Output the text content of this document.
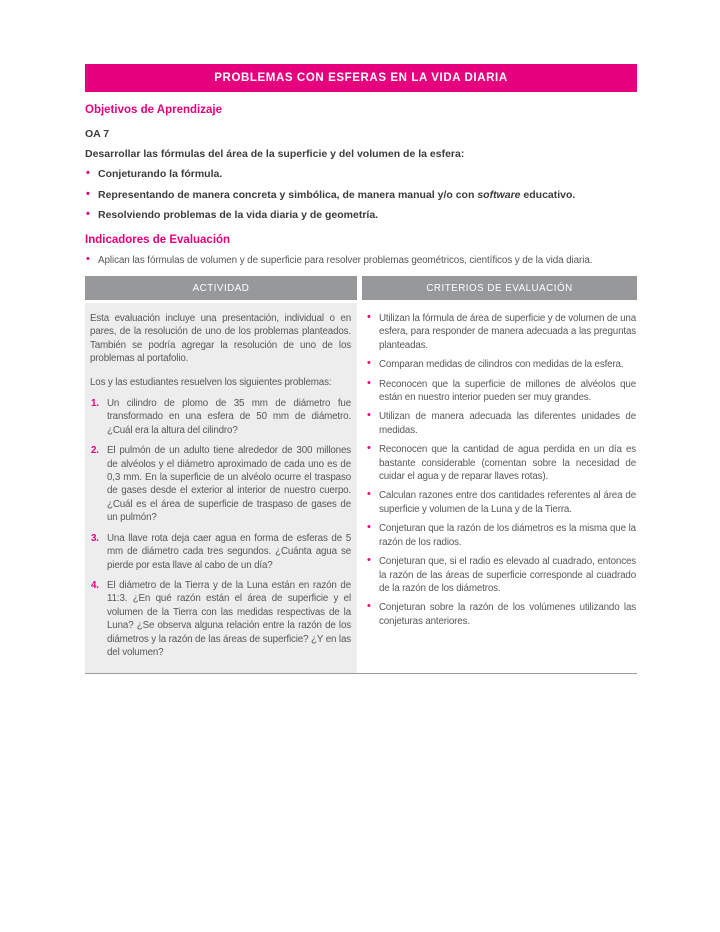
PROBLEMAS CON ESFERAS EN LA VIDA DIARIA
Objetivos de Aprendizaje
OA 7
Desarrollar las fórmulas del área de la superficie y del volumen de la esfera:
• Conjeturando la fórmula.
• Representando de manera concreta y simbólica, de manera manual y/o con software educativo.
• Resolviendo problemas de la vida diaria y de geometría.
Indicadores de Evaluación
• Aplican las fórmulas de volumen y de superficie para resolver problemas geométricos, científicos y de la vida diaria.
ACTIVIDAD	CRITERIOS DE EVALUACIÓN

Esta evaluación incluye una presentación, individual o en pares, de la resolución de uno de los problemas planteados. También se podría agregar la resolución de uno de los problemas al portafolio.

Los y las estudiantes resuelven los siguientes problemas:

1. Un cilindro de plomo de 35 mm de diámetro fue transformado en una esfera de 50 mm de diámetro. ¿Cuál era la altura del cilindro?
2. El pulmón de un adulto tiene alrededor de 300 millones de alvéolos y el diámetro aproximado de cada uno es de 0,3 mm. En la superficie de un alvéolo ocurre el traspaso de gases desde el exterior al interior de nuestro cuerpo. ¿Cuál es el área de superficie de traspaso de gases de un pulmón?
3. Una llave rota deja caer agua en forma de esferas de 5 mm de diámetro cada tres segundos. ¿Cuánta agua se pierde por esta llave al cabo de un día?
4. El diámetro de la Tierra y de la Luna están en razón de 11:3. ¿En qué razón están el área de superficie y el volumen de la Tierra con las medidas respectivas de la Luna? ¿Se observa alguna relación entre la razón de los diámetros y la razón de las áreas de superficie? ¿Y en las del volumen?
• Utilizan la fórmula de área de superficie y de volumen de una esfera, para responder de manera adecuada a las preguntas planteadas.
• Comparan medidas de cilindros con medidas de la esfera.
• Reconocen que la superficie de millones de alvéolos que están en nuestro interior pueden ser muy grandes.
• Utilizan de manera adecuada las diferentes unidades de medidas.
• Reconocen que la cantidad de agua perdida en un día es bastante considerable (comentan sobre la necesidad de cuidar el agua y de reparar llaves rotas).
• Calculan razones entre dos cantidades referentes al área de superficie y volumen de la Luna y de la Tierra.
• Conjeturan que la razón de los diámetros es la misma que la razón de los radios.
• Conjeturan que, si el radio es elevado al cuadrado, entonces la razón de las áreas de superficie corresponde al cuadrado de la razón de los diámetros.
• Conjeturan sobre la razón de los volúmenes utilizando las conjeturas anteriores.
